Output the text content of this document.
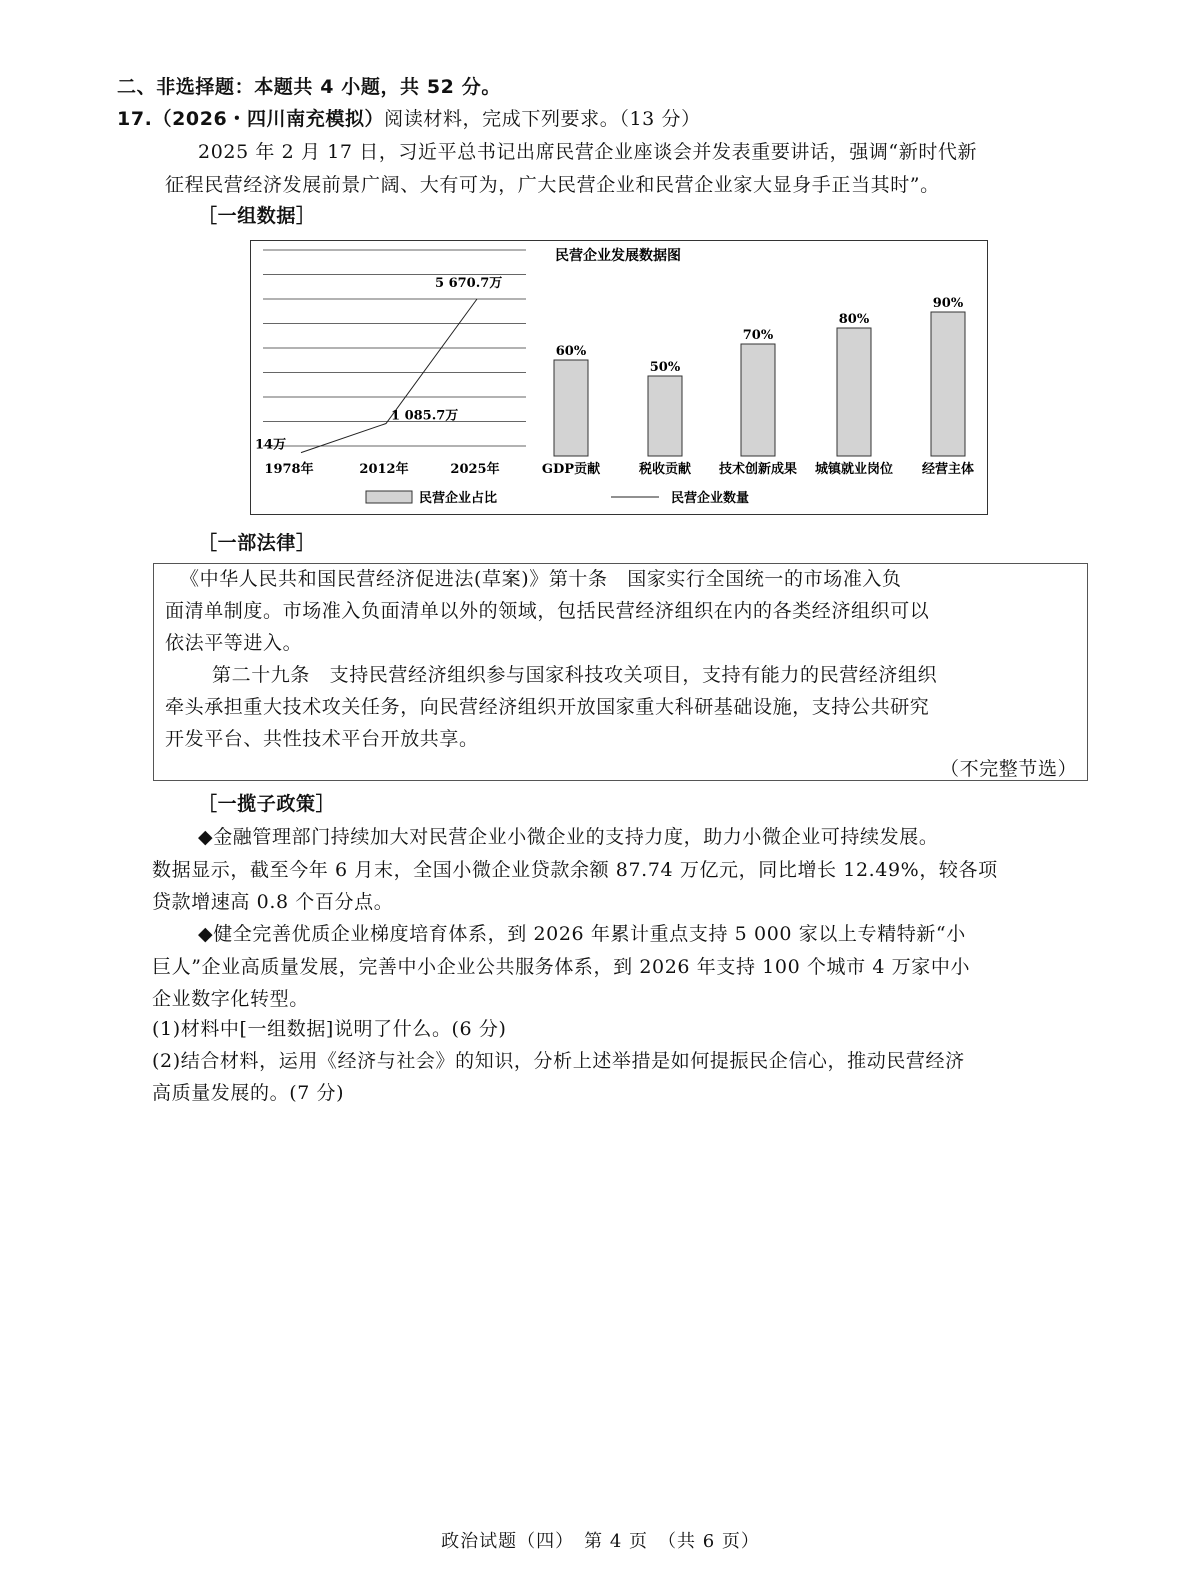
二、非选择题：本题共 4 小题，共 52 分。
17.（2026・四川南充模拟）阅读材料，完成下列要求。（13 分）
2025 年 2 月 17 日，习近平总书记出席民营企业座谈会并发表重要讲话，强调“新时代新
征程民营经济发展前景广阔、大有可为，广大民营企业和民营企业家大显身手正当其时”。
［一组数据］
民营企业发展数据图
14万
1 085.7万
5 670.7万
1978年	2012年	2025年
60%
GDP贡献
50%
税收贡献
70%
技术创新成果
80%
城镇就业岗位
90%
经营主体
民营企业占比	民营企业数量
［一部法律］
《中华人民共和国民营经济促进法(草案)》第十条　国家实行全国统一的市场准入负
面清单制度。市场准入负面清单以外的领域，包括民营经济组织在内的各类经济组织可以
依法平等进入。
第二十九条　支持民营经济组织参与国家科技攻关项目，支持有能力的民营经济组织
牵头承担重大技术攻关任务，向民营经济组织开放国家重大科研基础设施，支持公共研究
开发平台、共性技术平台开放共享。
（不完整节选）
［一揽子政策］
◆金融管理部门持续加大对民营企业小微企业的支持力度，助力小微企业可持续发展。
数据显示，截至今年 6 月末，全国小微企业贷款余额 87.74 万亿元，同比增长 12.49%，较各项
贷款增速高 0.8 个百分点。
◆健全完善优质企业梯度培育体系，到 2026 年累计重点支持 5 000 家以上专精特新“小
巨人”企业高质量发展，完善中小企业公共服务体系，到 2026 年支持 100 个城市 4 万家中小
企业数字化转型。
(1)材料中[一组数据]说明了什么。(6 分)
(2)结合材料，运用《经济与社会》的知识，分析上述举措是如何提振民企信心，推动民营经济
高质量发展的。(7 分)
政治试题（四）　第 4 页　（共 6 页）
